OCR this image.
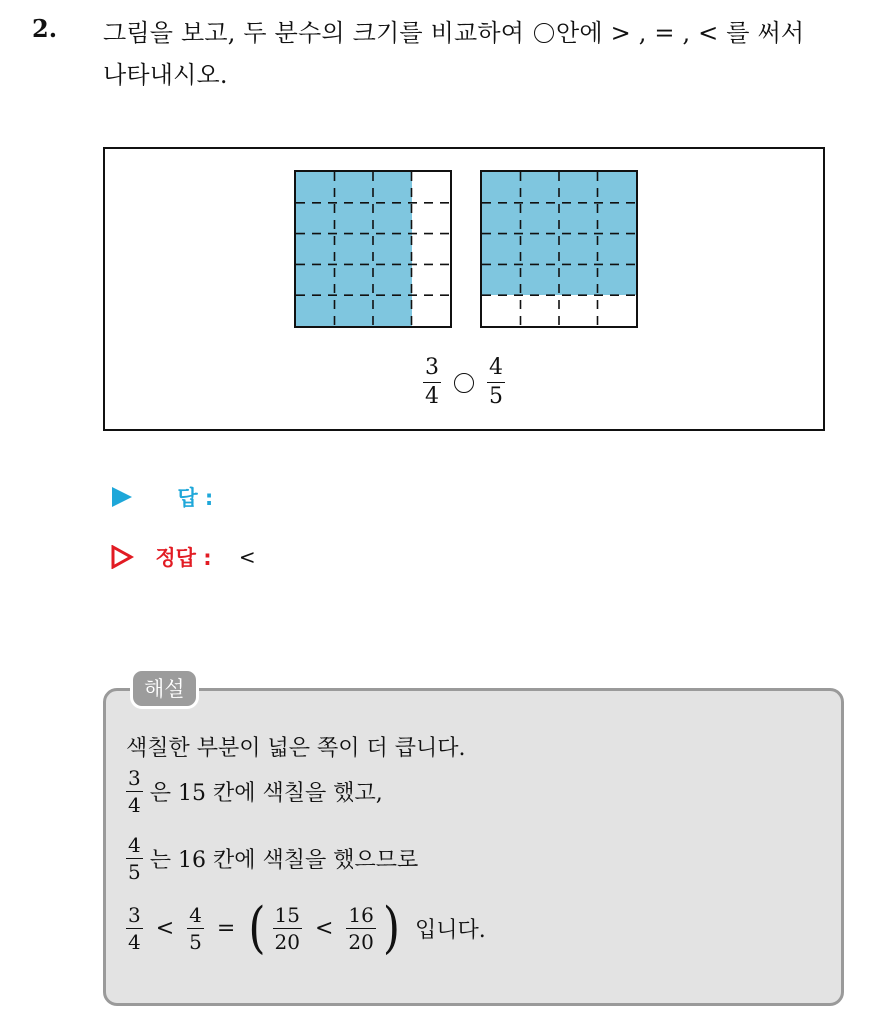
2. 그림을 보고, 두 분수의 크기를 비교하여 안에 > , = , < 를 써서
나타내시오.
$\frac{3}{4}$
$\frac{4}{5}$
답 :
정답 : <
색칠한 부분이 넓은 쪽이 더 큽니다.
$\frac{3}{4}$ 은 15 칸에 색칠을 했고,
$\frac{4}{5}$ 는 16 칸에 색칠을 했으므로
$\frac{3}{4} < \frac{4}{5}$ = ( $\frac{15}{20} < \frac{16}{20}$ ) 입니다.
해설
